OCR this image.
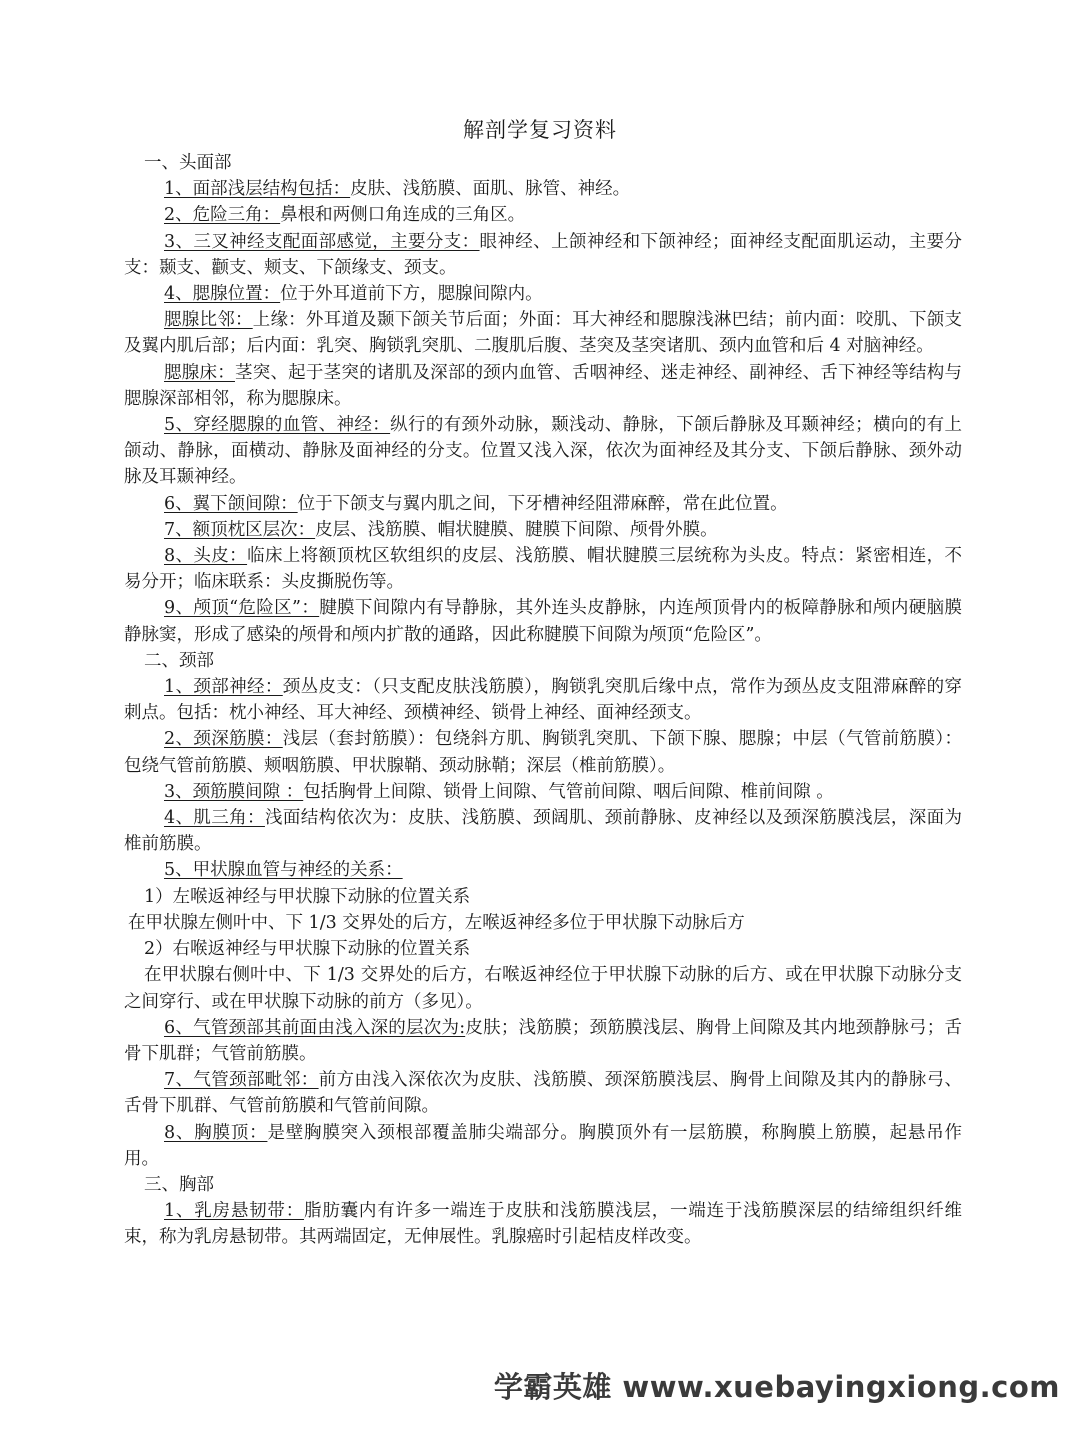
解剖学复习资料

一、头面部

1、面部浅层结构包括：皮肤、浅筋膜、面肌、脉管、神经。

2、危险三角：鼻根和两侧口角连成的三角区。

3、三叉神经支配面部感觉，主要分支：眼神经、上颌神经和下颌神经；面神经支配面肌运动，主要分支：颞支、颧支、颊支、下颌缘支、颈支。

4、腮腺位置：位于外耳道前下方，腮腺间隙内。

腮腺比邻：上缘：外耳道及颞下颌关节后面；外面：耳大神经和腮腺浅淋巴结；前内面：咬肌、下颌支及翼内肌后部；后内面：乳突、胸锁乳突肌、二腹肌后腹、茎突及茎突诸肌、颈内血管和后 4 对脑神经。

腮腺床：茎突、起于茎突的诸肌及深部的颈内血管、舌咽神经、迷走神经、副神经、舌下神经等结构与腮腺深部相邻，称为腮腺床。

5、穿经腮腺的血管、神经：纵行的有颈外动脉，颞浅动、静脉，下颌后静脉及耳颞神经；横向的有上颌动、静脉，面横动、静脉及面神经的分支。位置又浅入深，依次为面神经及其分支、下颌后静脉、颈外动脉及耳颞神经。

6、翼下颌间隙：位于下颌支与翼内肌之间，下牙槽神经阻滞麻醉，常在此位置。

7、额顶枕区层次：皮层、浅筋膜、帽状腱膜、腱膜下间隙、颅骨外膜。

8、头皮：临床上将额顶枕区软组织的皮层、浅筋膜、帽状腱膜三层统称为头皮。特点：紧密相连，不易分开；临床联系：头皮撕脱伤等。

9、颅顶“危险区”：腱膜下间隙内有导静脉，其外连头皮静脉，内连颅顶骨内的板障静脉和颅内硬脑膜静脉窦，形成了感染的颅骨和颅内扩散的通路，因此称腱膜下间隙为颅顶“危险区”。

二、颈部

1、颈部神经：颈丛皮支：（只支配皮肤浅筋膜），胸锁乳突肌后缘中点，常作为颈丛皮支阻滞麻醉的穿刺点。包括：枕小神经、耳大神经、颈横神经、锁骨上神经、面神经颈支。

2、颈深筋膜：浅层（套封筋膜）：包绕斜方肌、胸锁乳突肌、下颌下腺、腮腺；中层（气管前筋膜）：包绕气管前筋膜、颊咽筋膜、甲状腺鞘、颈动脉鞘；深层（椎前筋膜）。

3、颈筋膜间隙 ：包括胸骨上间隙、锁骨上间隙、气管前间隙、咽后间隙、椎前间隙 。

4、肌三角：浅面结构依次为：皮肤、浅筋膜、颈阔肌、颈前静脉、皮神经以及颈深筋膜浅层，深面为椎前筋膜。

5、甲状腺血管与神经的关系：

1）左喉返神经与甲状腺下动脉的位置关系

在甲状腺左侧叶中、下 1/3 交界处的后方，左喉返神经多位于甲状腺下动脉后方

2）右喉返神经与甲状腺下动脉的位置关系

在甲状腺右侧叶中、下 1/3 交界处的后方，右喉返神经位于甲状腺下动脉的后方、或在甲状腺下动脉分支之间穿行、或在甲状腺下动脉的前方（多见）。

6、气管颈部其前面由浅入深的层次为:皮肤；浅筋膜；颈筋膜浅层、胸骨上间隙及其内地颈静脉弓；舌骨下肌群；气管前筋膜。

7、气管颈部毗邻：前方由浅入深依次为皮肤、浅筋膜、颈深筋膜浅层、胸骨上间隙及其内的静脉弓、舌骨下肌群、气管前筋膜和气管前间隙。

8、胸膜顶：是壁胸膜突入颈根部覆盖肺尖端部分。胸膜顶外有一层筋膜，称胸膜上筋膜，起悬吊作用。

三、胸部

1、乳房悬韧带：脂肪囊内有许多一端连于皮肤和浅筋膜浅层，一端连于浅筋膜深层的结缔组织纤维束，称为乳房悬韧带。其两端固定，无伸展性。乳腺癌时引起桔皮样改变。

学霸英雄 www.xuebayingxiong.com
